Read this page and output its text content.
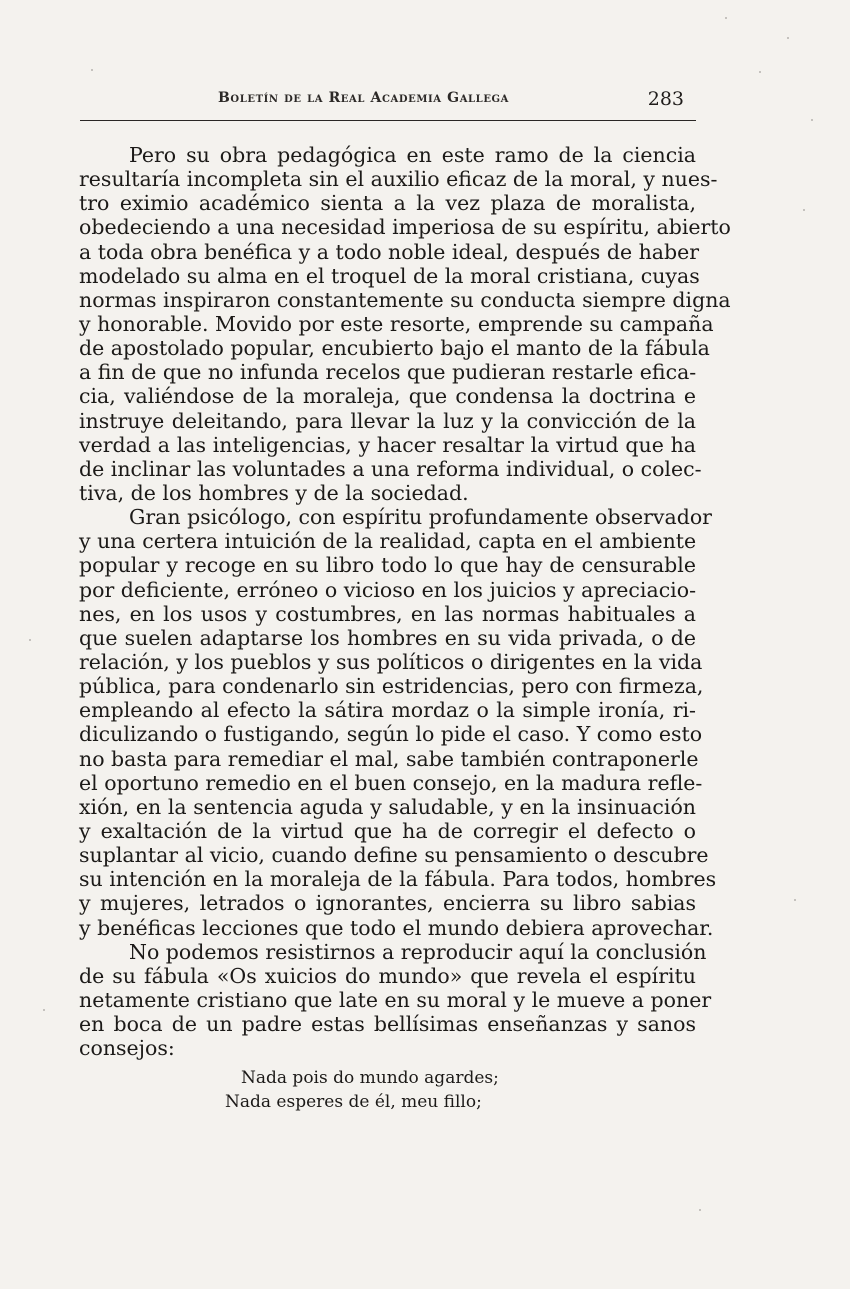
Boletín de la Real Academia Gallega	283
Pero su obra pedagógica en este ramo de la ciencia
resultaría incompleta sin el auxilio eficaz de la moral, y nues-
tro eximio académico sienta a la vez plaza de moralista,
obedeciendo a una necesidad imperiosa de su espíritu, abierto
a toda obra benéfica y a todo noble ideal, después de haber
modelado su alma en el troquel de la moral cristiana, cuyas
normas inspiraron constantemente su conducta siempre digna
y honorable. Movido por este resorte, emprende su campaña
de apostolado popular, encubierto bajo el manto de la fábula
a fin de que no infunda recelos que pudieran restarle efica-
cia, valiéndose de la moraleja, que condensa la doctrina e
instruye deleitando, para llevar la luz y la convicción de la
verdad a las inteligencias, y hacer resaltar la virtud que ha
de inclinar las voluntades a una reforma individual, o colec-
tiva, de los hombres y de la sociedad.
Gran psicólogo, con espíritu profundamente observador
y una certera intuición de la realidad, capta en el ambiente
popular y recoge en su libro todo lo que hay de censurable
por deficiente, erróneo o vicioso en los juicios y apreciacio-
nes, en los usos y costumbres, en las normas habituales a
que suelen adaptarse los hombres en su vida privada, o de
relación, y los pueblos y sus políticos o dirigentes en la vida
pública, para condenarlo sin estridencias, pero con firmeza,
empleando al efecto la sátira mordaz o la simple ironía, ri-
diculizando o fustigando, según lo pide el caso. Y como esto
no basta para remediar el mal, sabe también contraponerle
el oportuno remedio en el buen consejo, en la madura refle-
xión, en la sentencia aguda y saludable, y en la insinuación
y exaltación de la virtud que ha de corregir el defecto o
suplantar al vicio, cuando define su pensamiento o descubre
su intención en la moraleja de la fábula. Para todos, hombres
y mujeres, letrados o ignorantes, encierra su libro sabias
y benéficas lecciones que todo el mundo debiera aprovechar.
No podemos resistirnos a reproducir aquí la conclusión
de su fábula «Os xuicios do mundo» que revela el espíritu
netamente cristiano que late en su moral y le mueve a poner
en boca de un padre estas bellísimas enseñanzas y sanos
consejos:
Nada pois do mundo agardes;
Nada esperes de él, meu fillo;
